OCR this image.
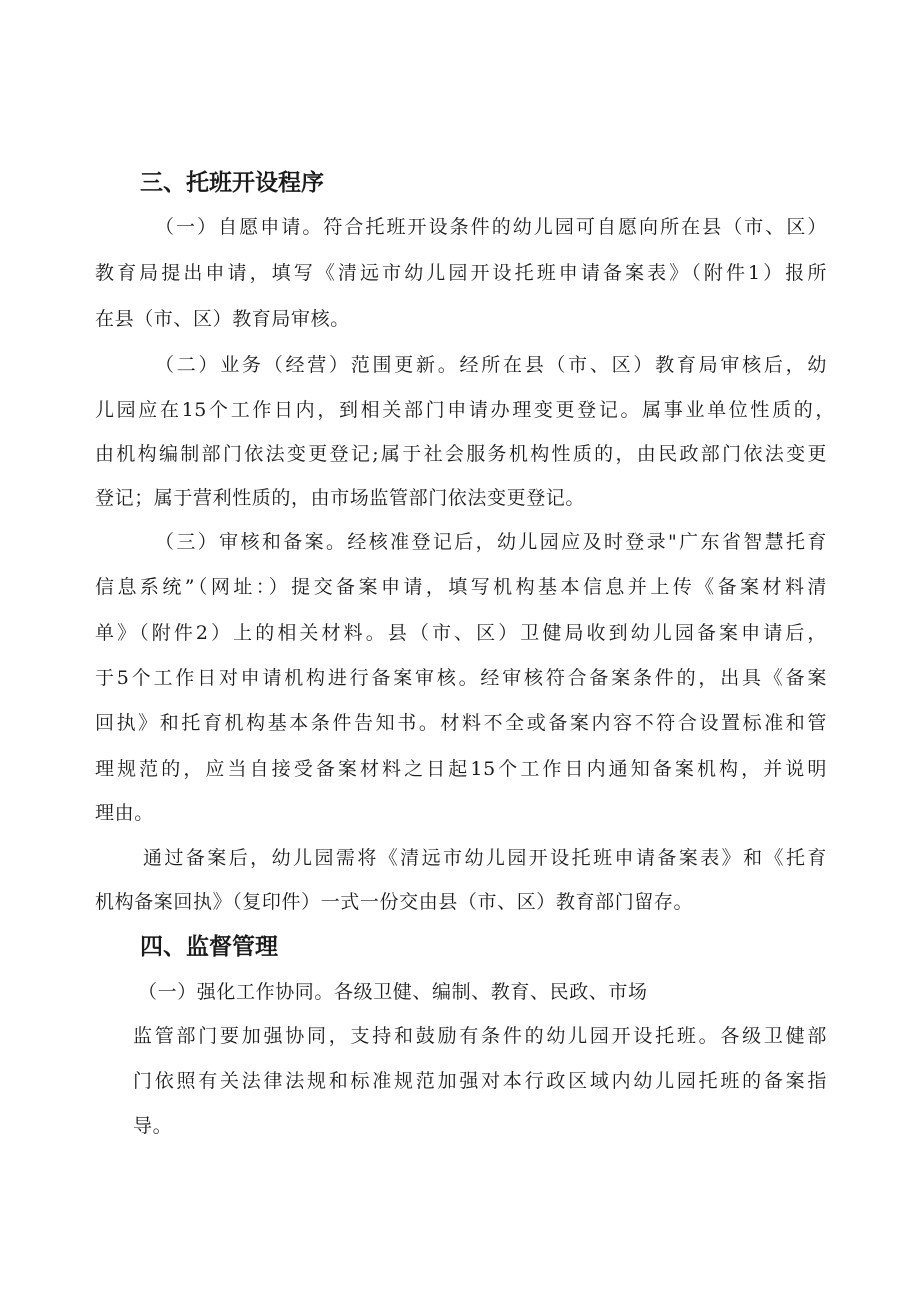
三、托班开设程序
（一）自愿申请。符合托班开设条件的幼儿园可自愿向所在县（市、区）
教育局提出申请，填写《清远市幼儿园开设托班申请备案表》（附件1）报所
在县（市、区）教育局审核。
（二）业务（经营）范围更新。经所在县（市、区）教育局审核后，幼
儿园应在15个工作日内，到相关部门申请办理变更登记。属事业单位性质的，
由机构编制部门依法变更登记;属于社会服务机构性质的，由民政部门依法变更
登记；属于营利性质的，由市场监管部门依法变更登记。
（三）审核和备案。经核准登记后，幼儿园应及时登录"广东省智慧托育
信息系统”（网址：）提交备案申请，填写机构基本信息并上传《备案材料清
单》（附件2）上的相关材料。县（市、区）卫健局收到幼儿园备案申请后，
于5个工作日对申请机构进行备案审核。经审核符合备案条件的，出具《备案
回执》和托育机构基本条件告知书。材料不全或备案内容不符合设置标准和管
理规范的，应当自接受备案材料之日起15个工作日内通知备案机构，并说明
理由。
通过备案后，幼儿园需将《清远市幼儿园开设托班申请备案表》和《托育
机构备案回执》（复印件）一式一份交由县（市、区）教育部门留存。
四、监督管理
（一）强化工作协同。各级卫健、编制、教育、民政、市场
监管部门要加强协同，支持和鼓励有条件的幼儿园开设托班。各级卫健部
门依照有关法律法规和标准规范加强对本行政区域内幼儿园托班的备案指
导。
